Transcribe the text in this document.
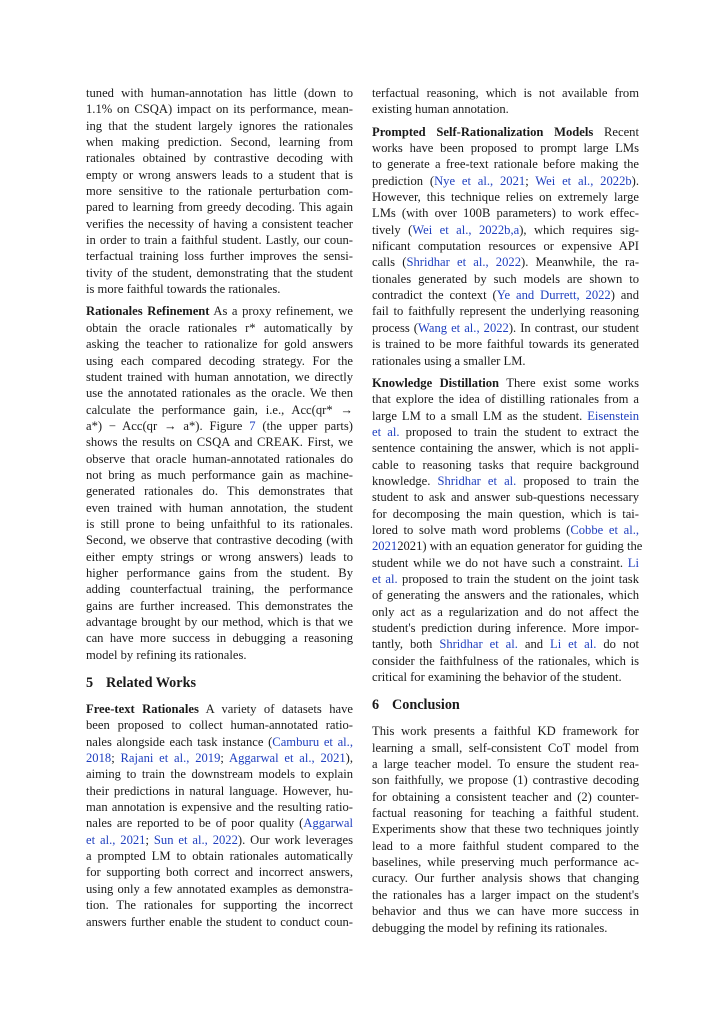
tuned with human-annotation has little (down to
1.1% on CSQA) impact on its performance, mean-
ing that the student largely ignores the rationales
when making prediction. Second, learning from
rationales obtained by contrastive decoding with
empty or wrong answers leads to a student that is
more sensitive to the rationale perturbation com-
pared to learning from greedy decoding. This again
verifies the necessity of having a consistent teacher
in order to train a faithful student. Lastly, our coun-
terfactual training loss further improves the sensi-
tivity of the student, demonstrating that the student
is more faithful towards the rationales.
Rationales Refinement As a proxy refinement, we
obtain the oracle rationales r* automatically by
asking the teacher to rationalize for gold answers
using each compared decoding strategy. For the
student trained with human annotation, we directly
use the annotated rationales as the oracle. We then
calculate the performance gain, i.e., Acc(qr* →
a*) − Acc(qr → a*). Figure 7 (the upper parts)
shows the results on CSQA and CREAK. First, we
observe that oracle human-annotated rationales do
not bring as much performance gain as machine-
generated rationales do. This demonstrates that
even trained with human annotation, the student
is still prone to being unfaithful to its rationales.
Second, we observe that contrastive decoding (with
either empty strings or wrong answers) leads to
higher performance gains from the student. By
adding counterfactual training, the performance
gains are further increased. This demonstrates the
advantage brought by our method, which is that we
can have more success in debugging a reasoning
model by refining its rationales.
5 Related Works
Free-text Rationales A variety of datasets have
been proposed to collect human-annotated ratio-
nales alongside each task instance (Camburu et al.,
2018; Rajani et al., 2019; Aggarwal et al., 2021),
aiming to train the downstream models to explain
their predictions in natural language. However, hu-
man annotation is expensive and the resulting ratio-
nales are reported to be of poor quality (Aggarwal
et al., 2021; Sun et al., 2022). Our work leverages
a prompted LM to obtain rationales automatically
for supporting both correct and incorrect answers,
using only a few annotated examples as demonstra-
tion. The rationales for supporting the incorrect
answers further enable the student to conduct coun-
terfactual reasoning, which is not available from
existing human annotation.
Prompted Self-Rationalization Models Recent
works have been proposed to prompt large LMs
to generate a free-text rationale before making the
prediction (Nye et al., 2021; Wei et al., 2022b).
However, this technique relies on extremely large
LMs (with over 100B parameters) to work effec-
tively (Wei et al., 2022b,a), which requires sig-
nificant computation resources or expensive API
calls (Shridhar et al., 2022). Meanwhile, the ra-
tionales generated by such models are shown to
contradict the context (Ye and Durrett, 2022) and
fail to faithfully represent the underlying reasoning
process (Wang et al., 2022). In contrast, our student
is trained to be more faithful towards its generated
rationales using a smaller LM.
Knowledge Distillation There exist some works
that explore the idea of distilling rationales from a
large LM to a small LM as the student. Eisenstein
et al. proposed to train the student to extract the
sentence containing the answer, which is not appli-
cable to reasoning tasks that require background
knowledge. Shridhar et al. proposed to train the
student to ask and answer sub-questions necessary
for decomposing the main question, which is tai-
lored to solve math word problems (Cobbe et al.,
20212021) with an equation generator for guiding the
student while we do not have such a constraint. Li
et al. proposed to train the student on the joint task
of generating the answers and the rationales, which
only act as a regularization and do not affect the
student's prediction during inference. More impor-
tantly, both Shridhar et al. and Li et al. do not
consider the faithfulness of the rationales, which is
critical for examining the behavior of the student.
6 Conclusion
This work presents a faithful KD framework for
learning a small, self-consistent CoT model from
a large teacher model. To ensure the student rea-
son faithfully, we propose (1) contrastive decoding
for obtaining a consistent teacher and (2) counter-
factual reasoning for teaching a faithful student.
Experiments show that these two techniques jointly
lead to a more faithful student compared to the
baselines, while preserving much performance ac-
curacy. Our further analysis shows that changing
the rationales has a larger impact on the student's
behavior and thus we can have more success in
debugging the model by refining its rationales.
